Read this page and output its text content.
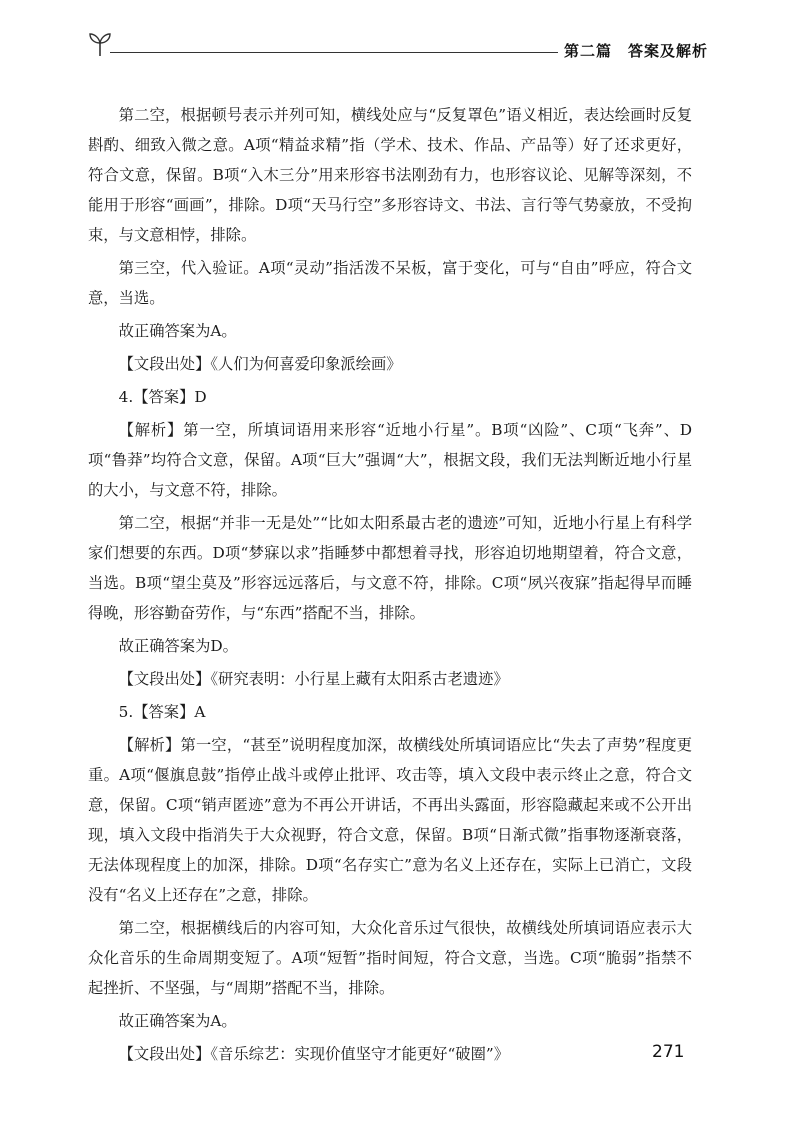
第二篇　答案及解析

第二空，根据顿号表示并列可知，横线处应与“反复罩色”语义相近，表达绘画时反复斟酌、细致入微之意。A项“精益求精”指（学术、技术、作品、产品等）好了还求更好，符合文意，保留。B项“入木三分”用来形容书法刚劲有力，也形容议论、见解等深刻，不能用于形容“画画”，排除。D项“天马行空”多形容诗文、书法、言行等气势豪放，不受拘束，与文意相悖，排除。

第三空，代入验证。A项“灵动”指活泼不呆板，富于变化，可与“自由”呼应，符合文意，当选。

故正确答案为A。

【文段出处】《人们为何喜爱印象派绘画》

4.【答案】D

【解析】第一空，所填词语用来形容“近地小行星”。B项“凶险”、C项“飞奔”、D项“鲁莽”均符合文意，保留。A项“巨大”强调“大”，根据文段，我们无法判断近地小行星的大小，与文意不符，排除。

第二空，根据“并非一无是处”“比如太阳系最古老的遗迹”可知，近地小行星上有科学家们想要的东西。D项“梦寐以求”指睡梦中都想着寻找，形容迫切地期望着，符合文意，当选。B项“望尘莫及”形容远远落后，与文意不符，排除。C项“夙兴夜寐”指起得早而睡得晚，形容勤奋劳作，与“东西”搭配不当，排除。

故正确答案为D。

【文段出处】《研究表明：小行星上藏有太阳系古老遗迹》

5.【答案】A

【解析】第一空，“甚至”说明程度加深，故横线处所填词语应比“失去了声势”程度更重。A项“偃旗息鼓”指停止战斗或停止批评、攻击等，填入文段中表示终止之意，符合文意，保留。C项“销声匿迹”意为不再公开讲话，不再出头露面，形容隐藏起来或不公开出现，填入文段中指消失于大众视野，符合文意，保留。B项“日渐式微”指事物逐渐衰落，无法体现程度上的加深，排除。D项“名存实亡”意为名义上还存在，实际上已消亡，文段没有“名义上还存在”之意，排除。

第二空，根据横线后的内容可知，大众化音乐过气很快，故横线处所填词语应表示大众化音乐的生命周期变短了。A项“短暂”指时间短，符合文意，当选。C项“脆弱”指禁不起挫折、不坚强，与“周期”搭配不当，排除。

故正确答案为A。

【文段出处】《音乐综艺：实现价值坚守才能更好“破圈”》	271
